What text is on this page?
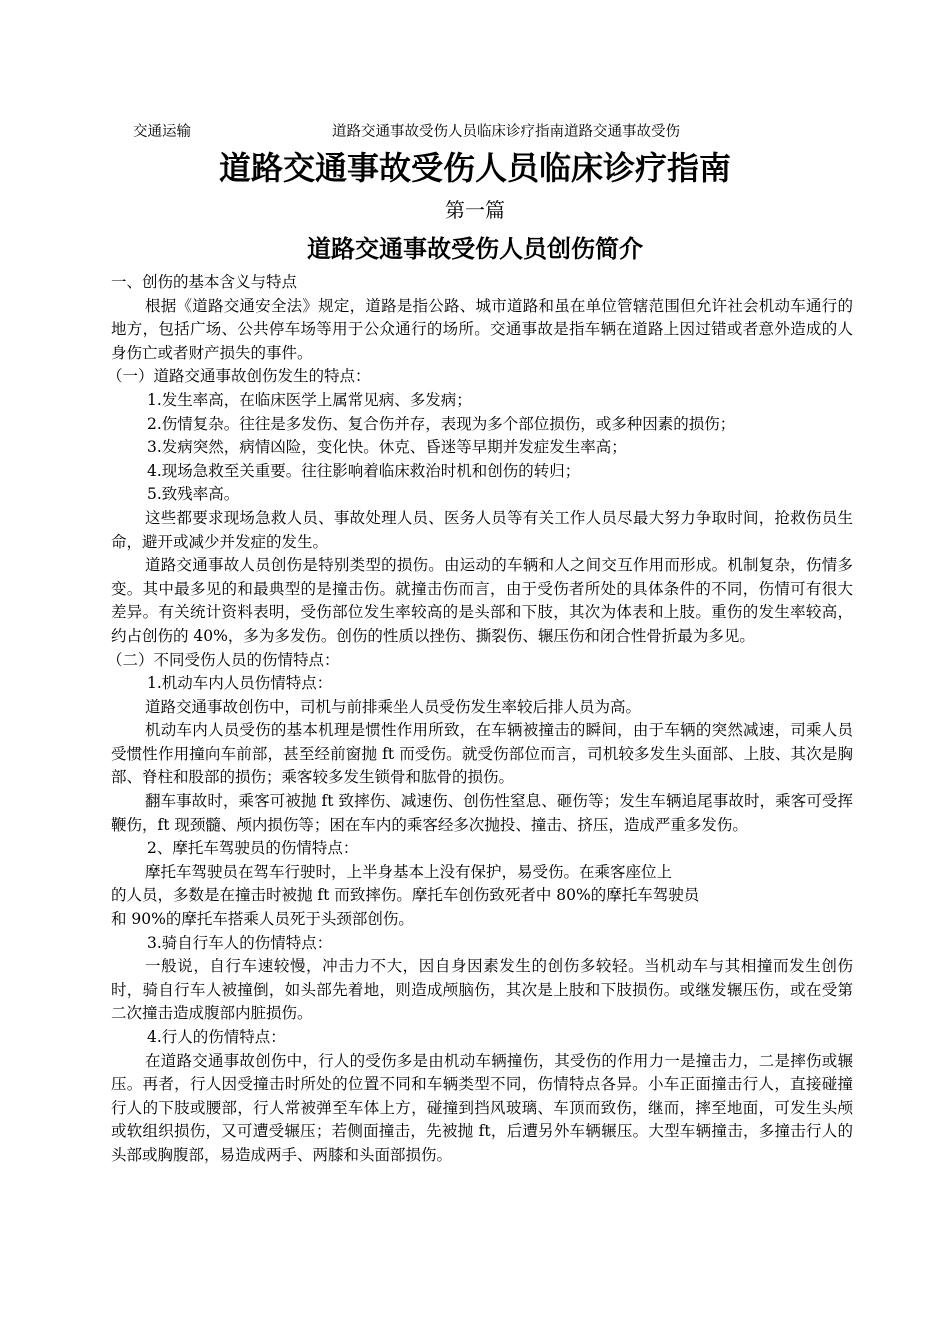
交通运输	道路交通事故受伤人员临床诊疗指南道路交通事故受伤
道路交通事故受伤人员临床诊疗指南
第一篇
道路交通事故受伤人员创伤简介

一、创伤的基本含义与特点

根据《道路交通安全法》规定，道路是指公路、城市道路和虽在单位管辖范围但允许社会机动车通行的地方，包括广场、公共停车场等用于公众通行的场所。交通事故是指车辆在道路上因过错或者意外造成的人身伤亡或者财产损失的事件。

（一）道路交通事故创伤发生的特点：

1.发生率高，在临床医学上属常见病、多发病；

2.伤情复杂。往往是多发伤、复合伤并存，表现为多个部位损伤，或多种因素的损伤；

3.发病突然，病情凶险，变化快。休克、昏迷等早期并发症发生率高；

4.现场急救至关重要。往往影响着临床救治时机和创伤的转归；

5.致残率高。

这些都要求现场急救人员、事故处理人员、医务人员等有关工作人员尽最大努力争取时间，抢救伤员生命，避开或减少并发症的发生。

道路交通事故人员创伤是特别类型的损伤。由运动的车辆和人之间交互作用而形成。机制复杂，伤情多变。其中最多见的和最典型的是撞击伤。就撞击伤而言，由于受伤者所处的具体条件的不同，伤情可有很大差异。有关统计资料表明，受伤部位发生率较高的是头部和下肢，其次为体表和上肢。重伤的发生率较高，约占创伤的 40%，多为多发伤。创伤的性质以挫伤、撕裂伤、辗压伤和闭合性骨折最为多见。

（二）不同受伤人员的伤情特点：

1.机动车内人员伤情特点：

道路交通事故创伤中，司机与前排乘坐人员受伤发生率较后排人员为高。

机动车内人员受伤的基本机理是惯性作用所致，在车辆被撞击的瞬间，由于车辆的突然减速，司乘人员受惯性作用撞向车前部，甚至经前窗抛 ft 而受伤。就受伤部位而言，司机较多发生头面部、上肢、其次是胸部、脊柱和股部的损伤；乘客较多发生锁骨和肱骨的损伤。

翻车事故时，乘客可被抛 ft 致摔伤、减速伤、创伤性窒息、砸伤等；发生车辆追尾事故时，乘客可受挥鞭伤，ft 现颈髓、颅内损伤等；困在车内的乘客经多次抛投、撞击、挤压，造成严重多发伤。

2、摩托车驾驶员的伤情特点：

摩托车驾驶员在驾车行驶时，上半身基本上没有保护，易受伤。在乘客座位上

的人员，多数是在撞击时被抛 ft 而致摔伤。摩托车创伤致死者中 80%的摩托车驾驶员

和 90%的摩托车搭乘人员死于头颈部创伤。

3.骑自行车人的伤情特点：

一般说，自行车速较慢，冲击力不大，因自身因素发生的创伤多较轻。当机动车与其相撞而发生创伤时，骑自行车人被撞倒，如头部先着地，则造成颅脑伤，其次是上肢和下肢损伤。或继发辗压伤，或在受第二次撞击造成腹部内脏损伤。

4.行人的伤情特点：

在道路交通事故创伤中，行人的受伤多是由机动车辆撞伤，其受伤的作用力一是撞击力，二是摔伤或辗压。再者，行人因受撞击时所处的位置不同和车辆类型不同，伤情特点各异。小车正面撞击行人，直接碰撞行人的下肢或腰部，行人常被弹至车体上方，碰撞到挡风玻璃、车顶而致伤，继而，摔至地面，可发生头颅或软组织损伤，又可遭受辗压；若侧面撞击，先被抛 ft，后遭另外车辆辗压。大型车辆撞击，多撞击行人的头部或胸腹部，易造成两手、两膝和头面部损伤。
